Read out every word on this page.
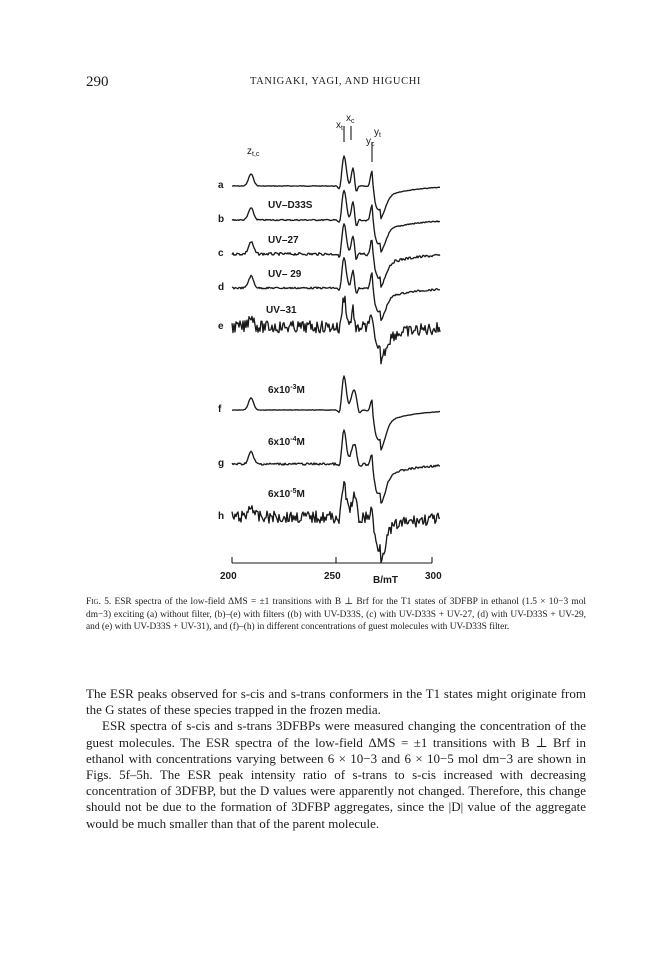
290	TANIGAKI, YAGI, AND HIGUCHI
$z_{t,c}$
$x_t$
$x_c$
$y_t$
$y_c$
a
b
UV–D33S
c
UV–27
d
UV– 29
e
UV–31
f
$6x10^{-3}M$
g
$6x10^{-4}M$
h
$6x10^{-5}M$
200	250	300
B/mT

Fig. 5. ESR spectra of the low-field ΔMS = ±1 transitions with B ⊥ Brf for the T1 states of 3DFBP in ethanol (1.5 × 10−3 mol dm−3) exciting (a) without filter, (b)–(e) with filters ((b) with UV-D33S, (c) with UV-D33S + UV-27, (d) with UV-D33S + UV-29, and (e) with UV-D33S + UV-31), and (f)–(h) in different concentrations of guest molecules with UV-D33S filter.

The ESR peaks observed for s-cis and s-trans conformers in the T1 states might originate from the G states of these species trapped in the frozen media.

ESR spectra of s-cis and s-trans 3DFBPs were measured changing the concentration of the guest molecules. The ESR spectra of the low-field ΔMS = ±1 transitions with B ⊥ Brf in ethanol with concentrations varying between 6 × 10−3 and 6 × 10−5 mol dm−3 are shown in Figs. 5f–5h. The ESR peak intensity ratio of s-trans to s-cis increased with decreasing concentration of 3DFBP, but the D values were apparently not changed. Therefore, this change should not be due to the formation of 3DFBP aggregates, since the |D| value of the aggregate would be much smaller than that of the parent molecule.
